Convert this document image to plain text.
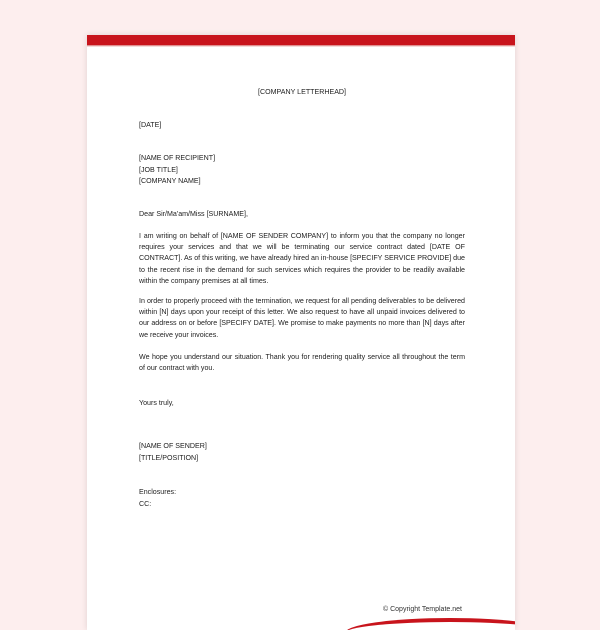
[COMPANY LETTERHEAD]
[DATE]
[NAME OF RECIPIENT]
[JOB TITLE]
[COMPANY NAME]
Dear Sir/Ma'am/Miss [SURNAME],
I am writing on behalf of [NAME OF SENDER COMPANY] to inform you that the company no longer requires your services and that we will be terminating our service contract dated [DATE OF CONTRACT]. As of this writing, we have already hired an in-house [SPECIFY SERVICE PROVIDE] due to the recent rise in the demand for such services which requires the provider to be readily available within the company premises at all times.
In order to properly proceed with the termination, we request for all pending deliverables to be delivered within [N] days upon your receipt of this letter. We also request to have all unpaid invoices delivered to our address on or before [SPECIFY DATE]. We promise to make payments no more than [N] days after we receive your invoices.
We hope you understand our situation. Thank you for rendering quality service all throughout the term of our contract with you.
Yours truly,
[NAME OF SENDER]
[TITLE/POSITION]
Enclosures:
CC:
© Copyright Template.net
